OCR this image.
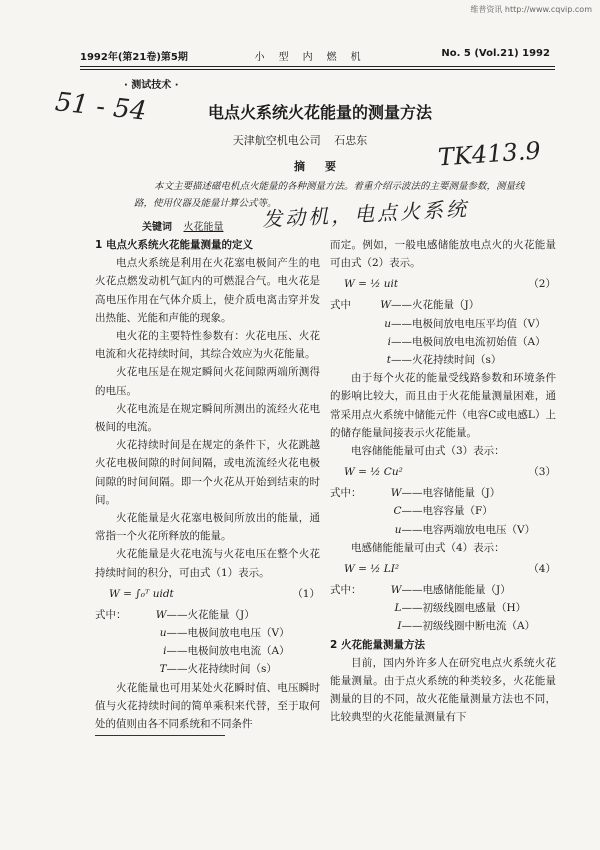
维普资讯 http://www.cqvip.com
1992年(第21卷)第5期	小型内燃机	No. 5 (Vol.21) 1992
· 测试技术 ·
51 - 54
TK413.9
发动机，电点火系统
电点火系统火花能量的测量方法
天津航空机电公司 石忠东
摘要
本文主要描述磁电机点火能量的各种测量方法。着重介绍示波法的主要测量参数，测量线路，使用仪器及能量计算公式等。
关键词 火花能量
1 电点火系统火花能量测量的定义

电点火系统是利用在火花塞电极间产生的电火花点燃发动机气缸内的可燃混合气。电火花是高电压作用在气体介质上，使介质电离击穿并发出热能、光能和声能的现象。

电火花的主要特性参数有：火花电压、火花电流和火花持续时间，其综合效应为火花能量。

火花电压是在规定瞬间火花间隙两端所测得的电压。

火花电流是在规定瞬间所测出的流经火花电极间的电流。

火花持续时间是在规定的条件下，火花跳越火花电极间隙的时间间隔，或电流流经火花电极间隙的时间间隔。即一个火花从开始到结束的时间。

火花能量是火花塞电极间所放出的能量，通常指一个火花所释放的能量。

火花能量是火花电流与火花电压在整个火花持续时间的积分，可由式（1）表示。

W = ∫₀ᵀ uidt	（1）
式中：	W——火花能量（J）
u——电极间放电电压（V）
i——电极间放电电流（A）
T——火花持续时间（s）

火花能量也可用某处火花瞬时值、电压瞬时值与火花持续时间的简单乘积来代替，至于取何处的值则由各不同系统和不同条件

而定。例如，一般电感储能放电点火的火花能量可由式（2）表示。

W = ½ uit	（2）
式中	W——火花能量（J）
u——电极间放电电压平均值（V）
i——电极间放电电流初始值（A）
t——火花持续时间（s）

由于每个火花的能量受线路参数和环境条件的影响比较大，而且由于火花能量测量困难，通常采用点火系统中储能元件（电容C或电感L）上的储存能量间接表示火花能量。

电容储能能量可由式（3）表示：

W = ½ Cu²	（3）
式中：	W——电容储能量（J）
C——电容容量（F）
u——电容两端放电电压（V）

电感储能能量可由式（4）表示：

W = ½ LI²	（4）
式中：	W——电感储能能量（J）
L——初级线圈电感量（H）
I——初级线圈中断电流（A）
2 火花能量测量方法

目前，国内外许多人在研究电点火系统火花能量测量。由于点火系统的种类较多，火花能量测量的目的不同，故火花能量测量方法也不同，比较典型的火花能量测量有下
